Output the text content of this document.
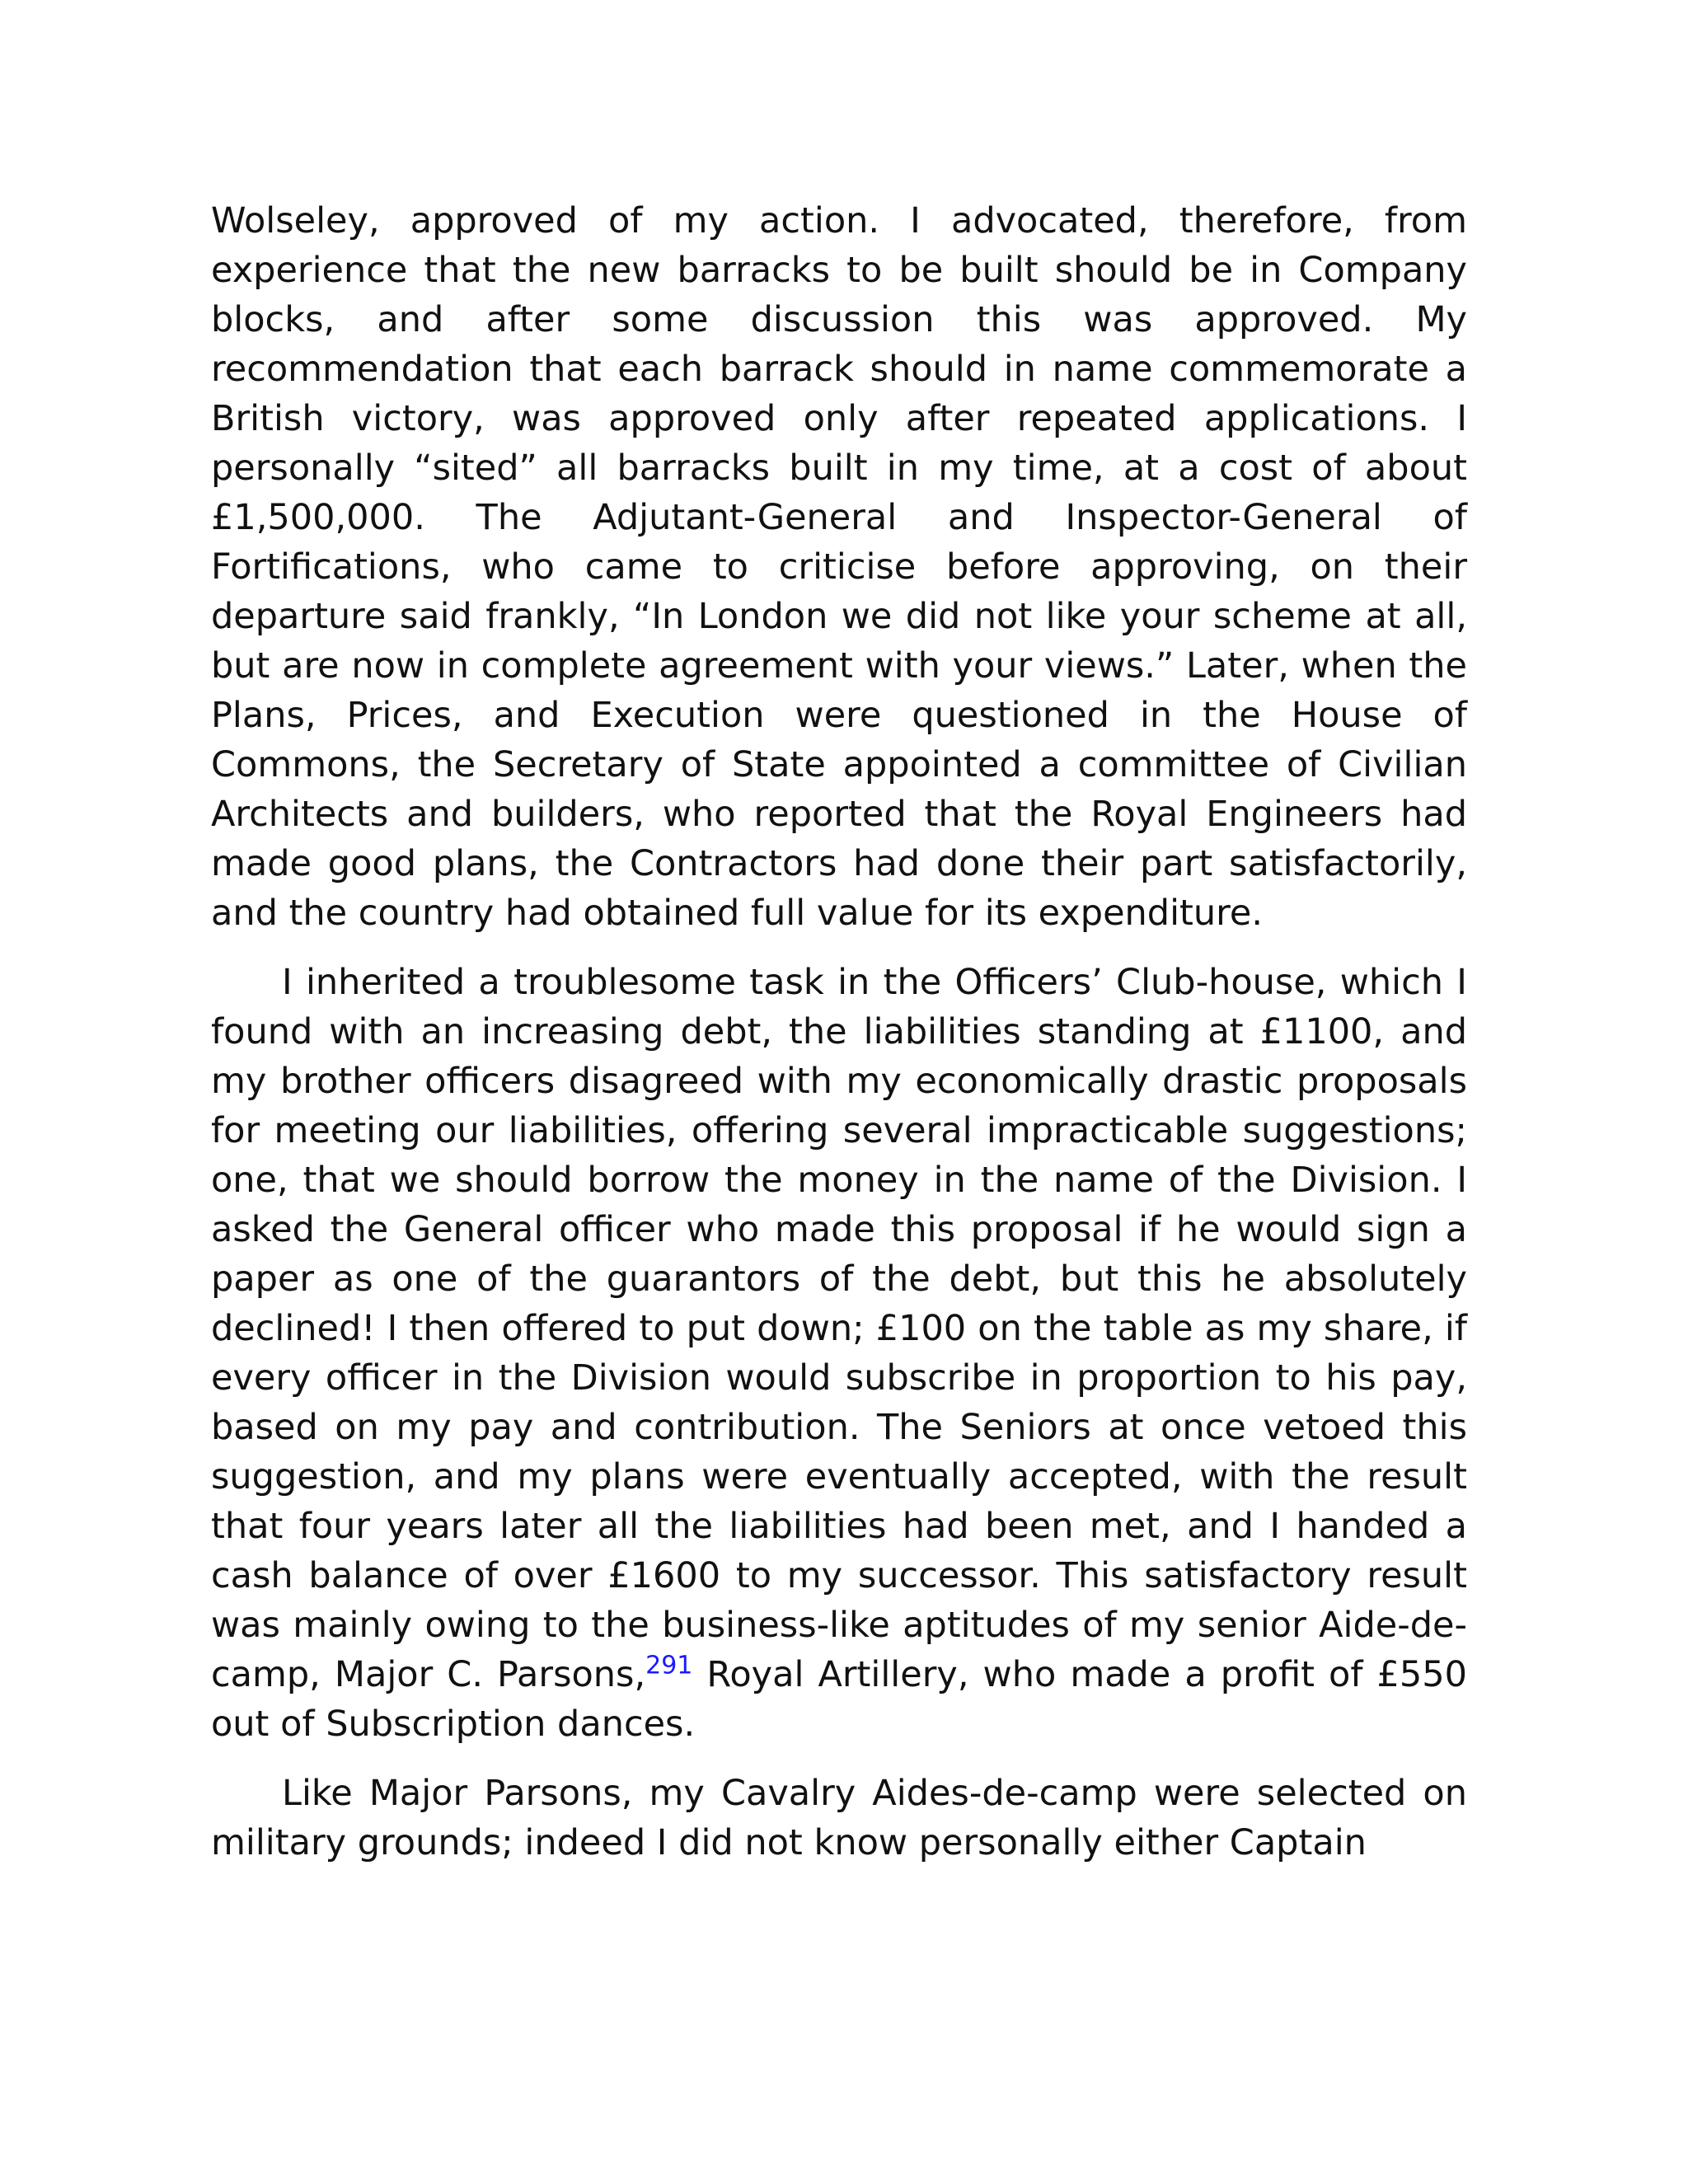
Wolseley, approved of my action. I advocated, therefore, from experience that the new barracks to be built should be in Company blocks, and after some discussion this was approved. My recommendation that each barrack should in name commemorate a British victory, was approved only after repeated applications. I personally “sited” all barracks built in my time, at a cost of about £1,500,000. The Adjutant-General and Inspector-General of Fortifications, who came to criticise before approving, on their departure said frankly, “In London we did not like your scheme at all, but are now in complete agreement with your views.” Later, when the Plans, Prices, and Execution were questioned in the House of Commons, the Secretary of State appointed a committee of Civilian Architects and builders, who reported that the Royal Engineers had made good plans, the Contractors had done their part satisfactorily, and the country had obtained full value for its expenditure.

I inherited a troublesome task in the Officers’ Club-house, which I found with an increasing debt, the liabilities standing at £1100, and my brother officers disagreed with my economically drastic proposals for meeting our liabilities, offering several impracticable suggestions; one, that we should borrow the money in the name of the Division. I asked the General officer who made this proposal if he would sign a paper as one of the guarantors of the debt, but this he absolutely declined! I then offered to put down; £100 on the table as my share, if every officer in the Division would subscribe in proportion to his pay, based on my pay and contribution. The Seniors at once vetoed this suggestion, and my plans were eventually accepted, with the result that four years later all the liabilities had been met, and I handed a cash balance of over £1600 to my successor. This satisfactory result was mainly owing to the business-like aptitudes of my senior Aide-de-camp, Major C. Parsons,$^{291}$ Royal Artillery, who made a profit of £550 out of Subscription dances.

Like Major Parsons, my Cavalry Aides-de-camp were selected on military grounds; indeed I did not know personally either Captain
